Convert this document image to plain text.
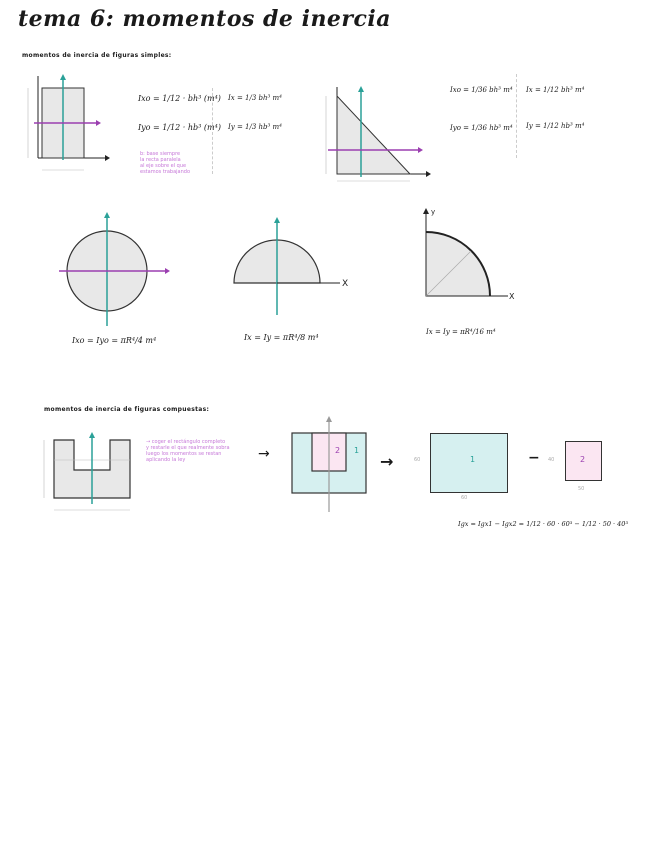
tema 6: momentos de inercia
momentos de inercia de figuras simples:
Ixo = 1/12 · bh³ (m⁴)
Iyo = 1/12 · hb³ (m⁴)
Ix = 1/3 bh³ m⁴
Iy = 1/3 hb³ m⁴
b: base siempre
la recta paralela
al eje sobre el que
estamos trabajando
Ixo = 1/36 bh³ m⁴
Iyo = 1/36 hb³ m⁴
Ix = 1/12 bh³ m⁴
Iy = 1/12 hb³ m⁴
Ixo = Iyo = πR⁴/4 m⁴
X
Ix = Iy = πR⁴/8 m⁴
y
X
Ix = Iy = πR⁴/16 m⁴
momentos de inercia de figuras compuestas:
→ coger el rectángulo completo
y restarle el que realmente sobra
luego los momentos se restan
aplicando la ley	→	2 1
→	1
60
60
− 40	2
50
Igx = Igx1 − Igx2 = 1/12 · 60 · 60³ − 1/12 · 50 · 40³
